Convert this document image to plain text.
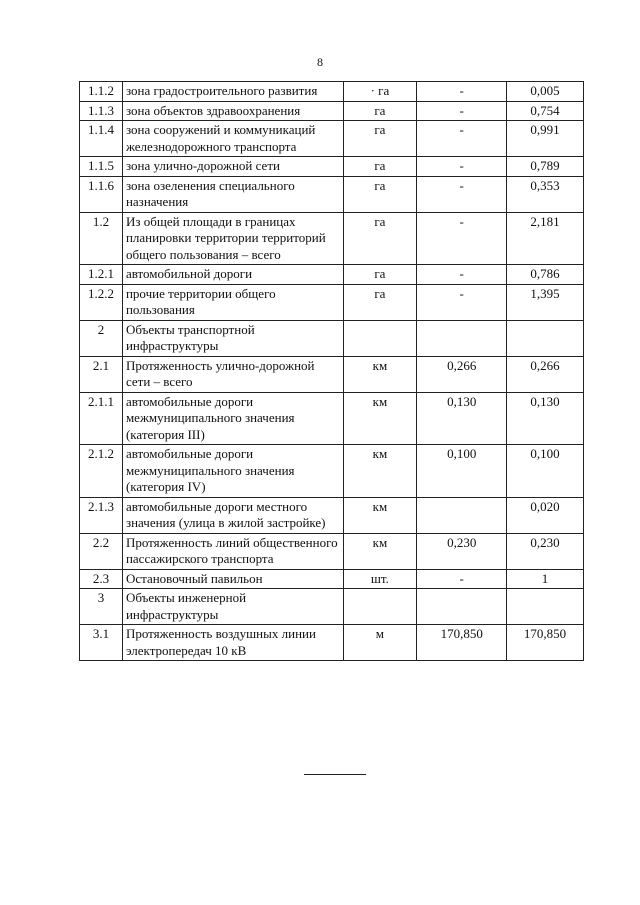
8
1.1.2	зона градостроительного развития	· га	-	0,005
1.1.3	зона объектов здравоохранения	га	-	0,754
1.1.4	зона сооружений и коммуникаций железнодорожного транспорта	га	-	0,991
1.1.5	зона улично-дорожной сети	га	-	0,789
1.1.6	зона озеленения специального назначения	га	-	0,353
1.2	Из общей площади в границах планировки территории территорий общего пользования – всего	га	-	2,181
1.2.1	автомобильной дороги	га	-	0,786
1.2.2	прочие территории общего пользования	га	-	1,395
2	Объекты транспортной инфраструктуры			
2.1	Протяженность улично-дорожной сети – всего	км	0,266	0,266
2.1.1	автомобильные дороги межмуниципального значения (категория III)	км	0,130	0,130
2.1.2	автомобильные дороги межмуниципального значения (категория IV)	км	0,100	0,100
2.1.3	автомобильные дороги местного значения (улица в жилой застройке)	км		0,020
2.2	Протяженность линий общественного пассажирского транспорта	км	0,230	0,230
2.3	Остановочный павильон	шт.	-	1
3	Объекты инженерной инфраструктуры			
3.1	Протяженность воздушных линии электропередач 10 кВ	м	170,850	170,850
